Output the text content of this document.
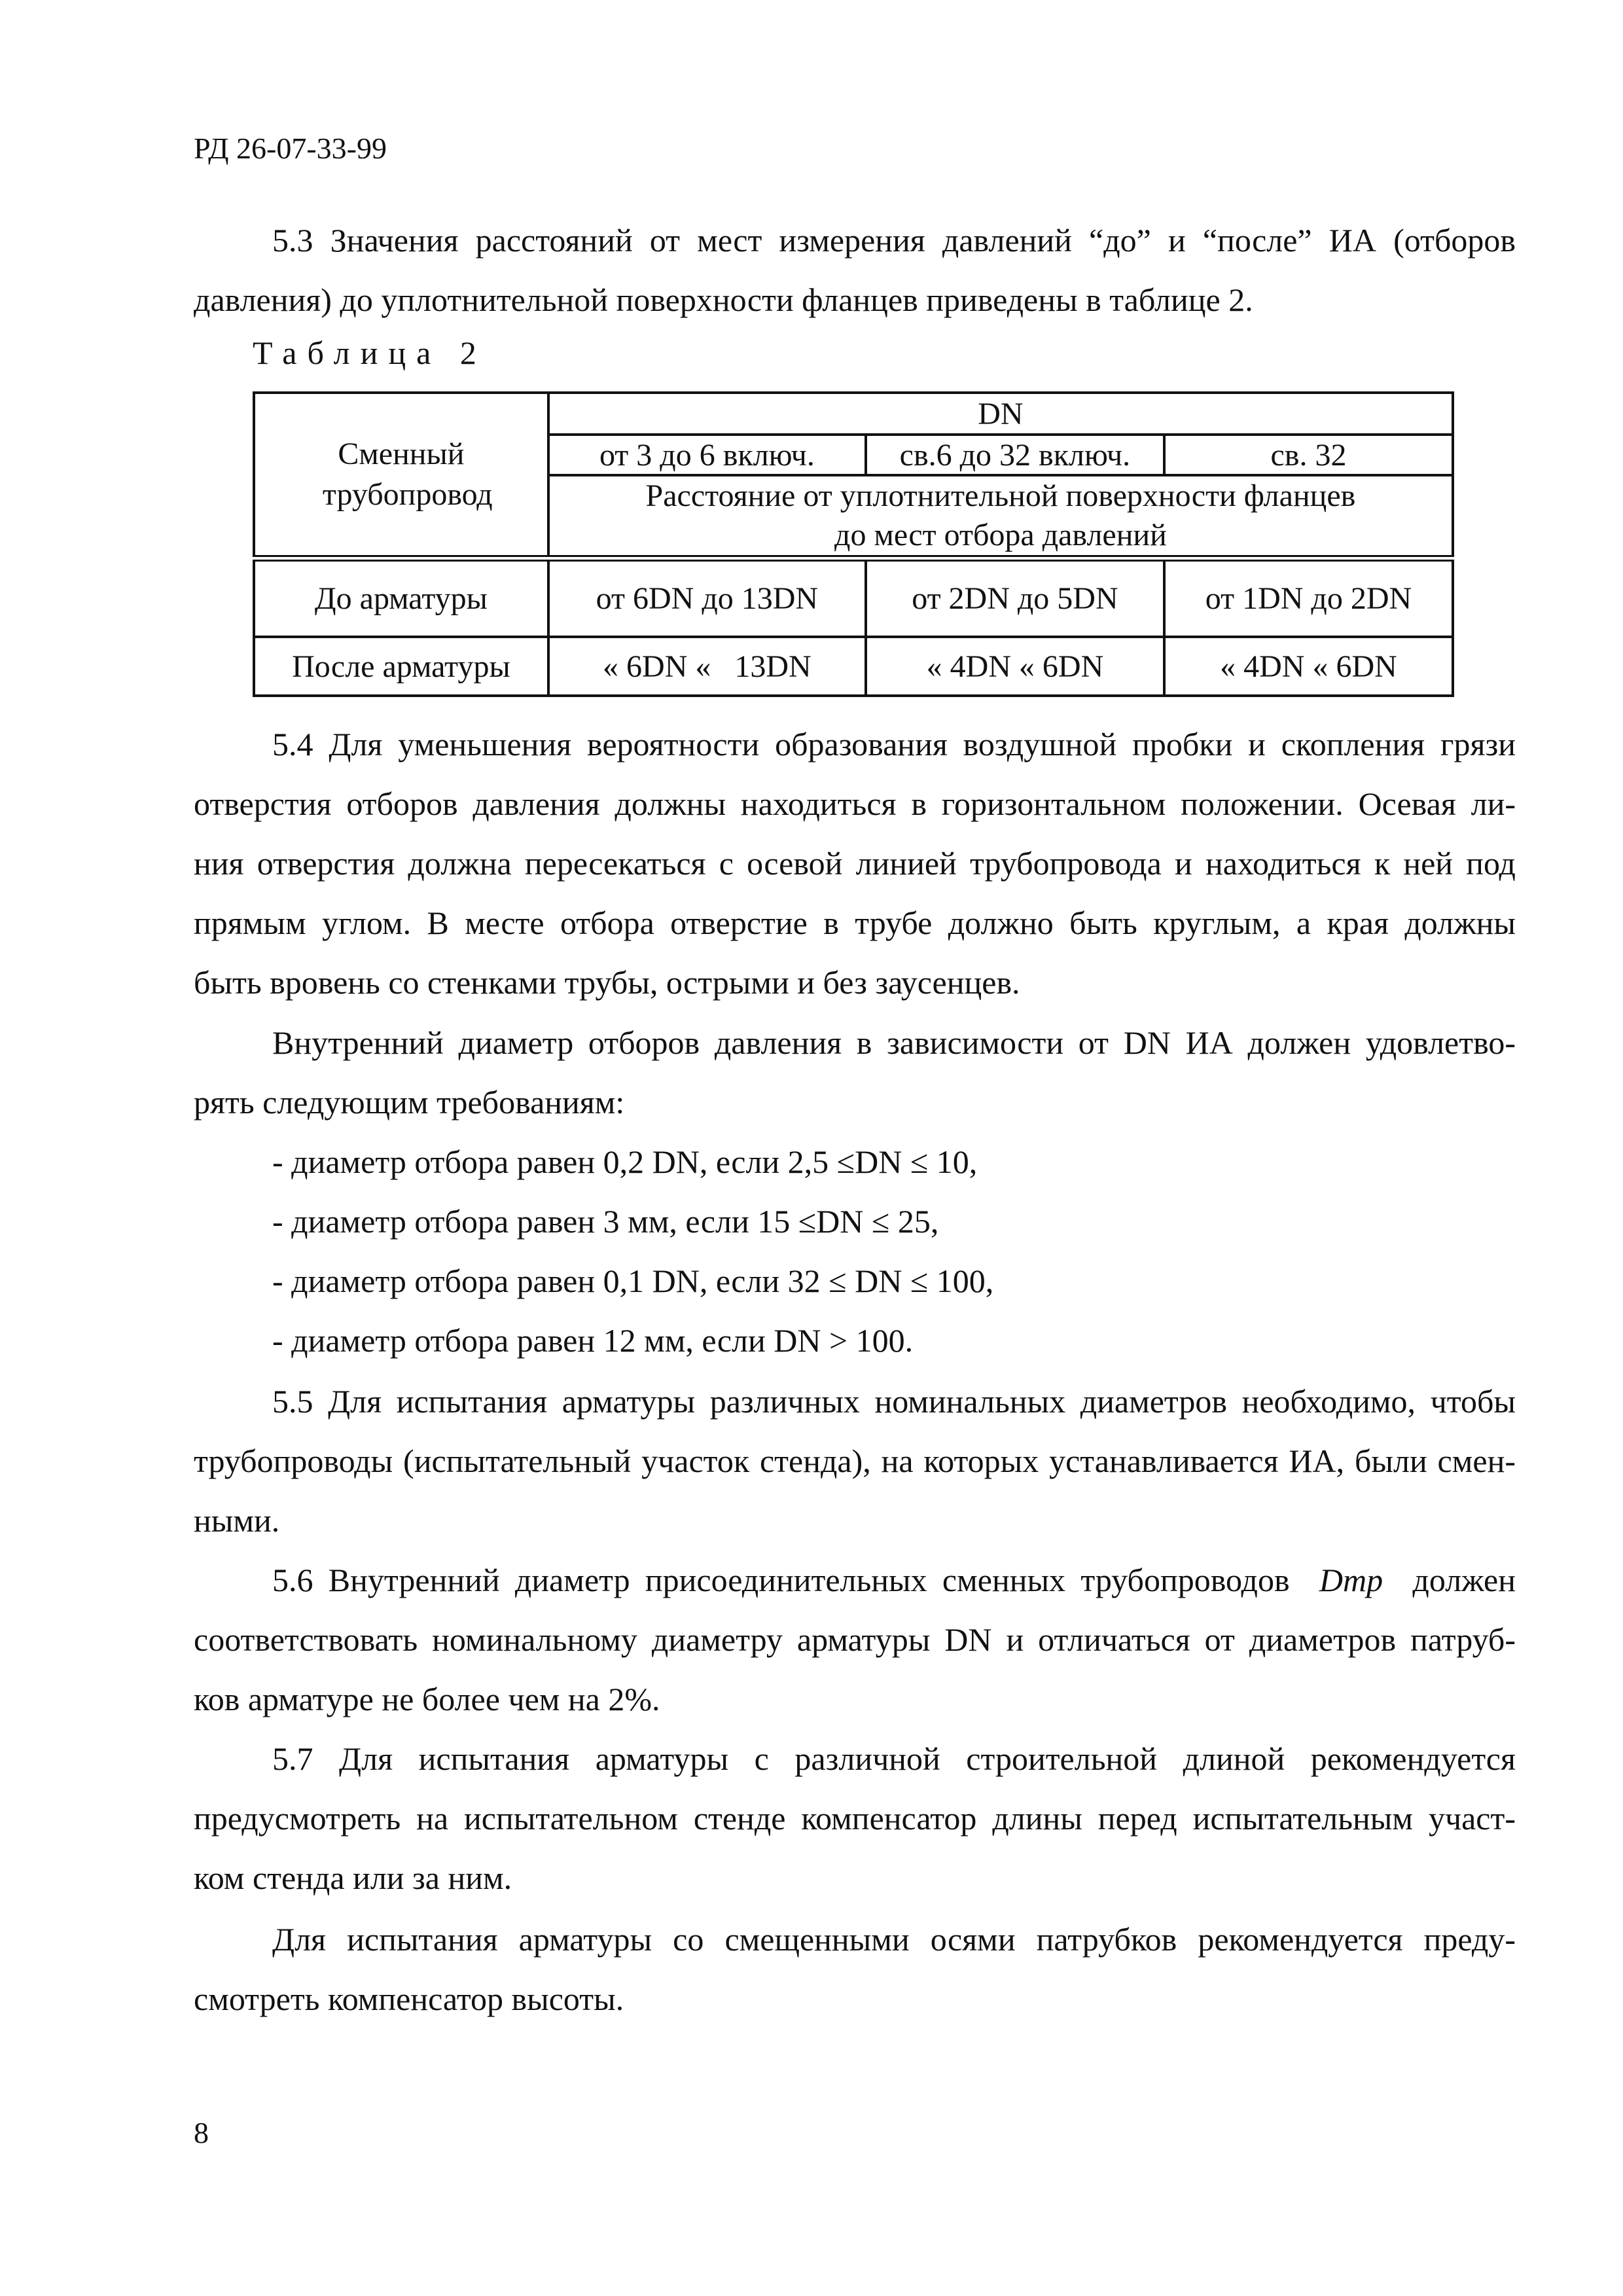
РД 26-07-33-99
5.3 Значения расстояний от мест измерения давлений “до” и “после” ИА (отборов
давления) до уплотнительной поверхности фланцев приведены в таблице 2.
Таблица 2
Сменный трубопровод	DN		
	от 3 до 6 включ.	св.6 до 32 включ.	св. 32

	Расстояние от уплотнительной поверхности фланцев
до мест отбора давлений		

До арматуры	от 6DN до 13DN	от 2DN до 5DN	от 1DN до 2DN
После арматуры	« 6DN «   13DN	« 4DN « 6DN	« 4DN « 6DN
5.4 Для уменьшения вероятности образования воздушной пробки и скопления грязи
отверстия отборов давления должны находиться в горизонтальном положении. Осевая ли-
ния отверстия должна пересекаться с осевой линией трубопровода и находиться к ней под
прямым углом. В месте отбора отверстие в трубе должно быть круглым, а края должны
быть вровень со стенками трубы, острыми и без заусенцев.
Внутренний диаметр отборов давления в зависимости от DN ИА должен удовлетво-
рять следующим требованиям:
- диаметр отбора равен 0,2 DN, если 2,5 ≤DN ≤ 10,
- диаметр отбора равен 3 мм, если 15 ≤DN ≤ 25,
- диаметр отбора равен 0,1 DN, если 32 ≤ DN ≤ 100,
- диаметр отбора равен 12 мм, если DN > 100.
5.5 Для испытания арматуры различных номинальных диаметров необходимо, чтобы
трубопроводы (испытательный участок стенда), на которых устанавливается ИА, были смен-
ными.
5.6 Внутренний диаметр присоединительных сменных трубопроводов Dтр должен
соответствовать номинальному диаметру арматуры DN и отличаться от диаметров патруб-
ков арматуре не более чем на 2%.
5.7 Для испытания арматуры с различной строительной длиной рекомендуется
предусмотреть на испытательном стенде компенсатор длины перед испытательным участ-
ком стенда или за ним.
Для испытания арматуры со смещенными осями патрубков рекомендуется преду-
смотреть компенсатор высоты.
8
